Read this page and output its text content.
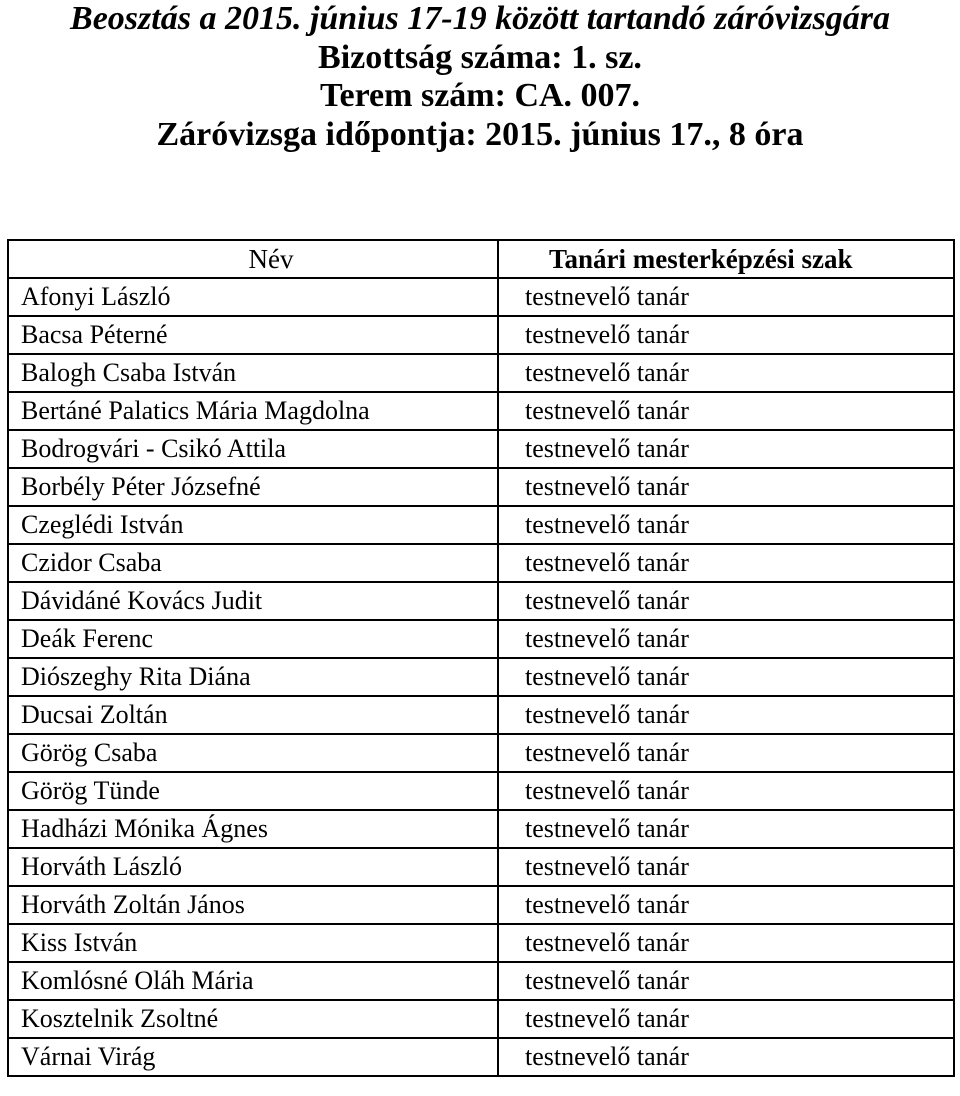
Beosztás a 2015. június 17-19 között tartandó záróvizsgára
Bizottság száma: 1. sz.
Terem szám: CA. 007.
Záróvizsga időpontja: 2015. június 17., 8 óra
Név	Tanári mesterképzési szak
Afonyi László	testnevelő tanár
Bacsa Péterné	testnevelő tanár
Balogh Csaba István	testnevelő tanár
Bertáné Palatics Mária Magdolna	testnevelő tanár
Bodrogvári - Csikó Attila	testnevelő tanár
Borbély Péter Józsefné	testnevelő tanár
Czeglédi István	testnevelő tanár
Czidor Csaba	testnevelő tanár
Dávidáné Kovács Judit	testnevelő tanár
Deák Ferenc	testnevelő tanár
Diószeghy Rita Diána	testnevelő tanár
Ducsai Zoltán	testnevelő tanár
Görög Csaba	testnevelő tanár
Görög Tünde	testnevelő tanár
Hadházi Mónika Ágnes	testnevelő tanár
Horváth László	testnevelő tanár
Horváth Zoltán János	testnevelő tanár
Kiss István	testnevelő tanár
Komlósné Oláh Mária	testnevelő tanár
Kosztelnik Zsoltné	testnevelő tanár
Várnai Virág	testnevelő tanár
